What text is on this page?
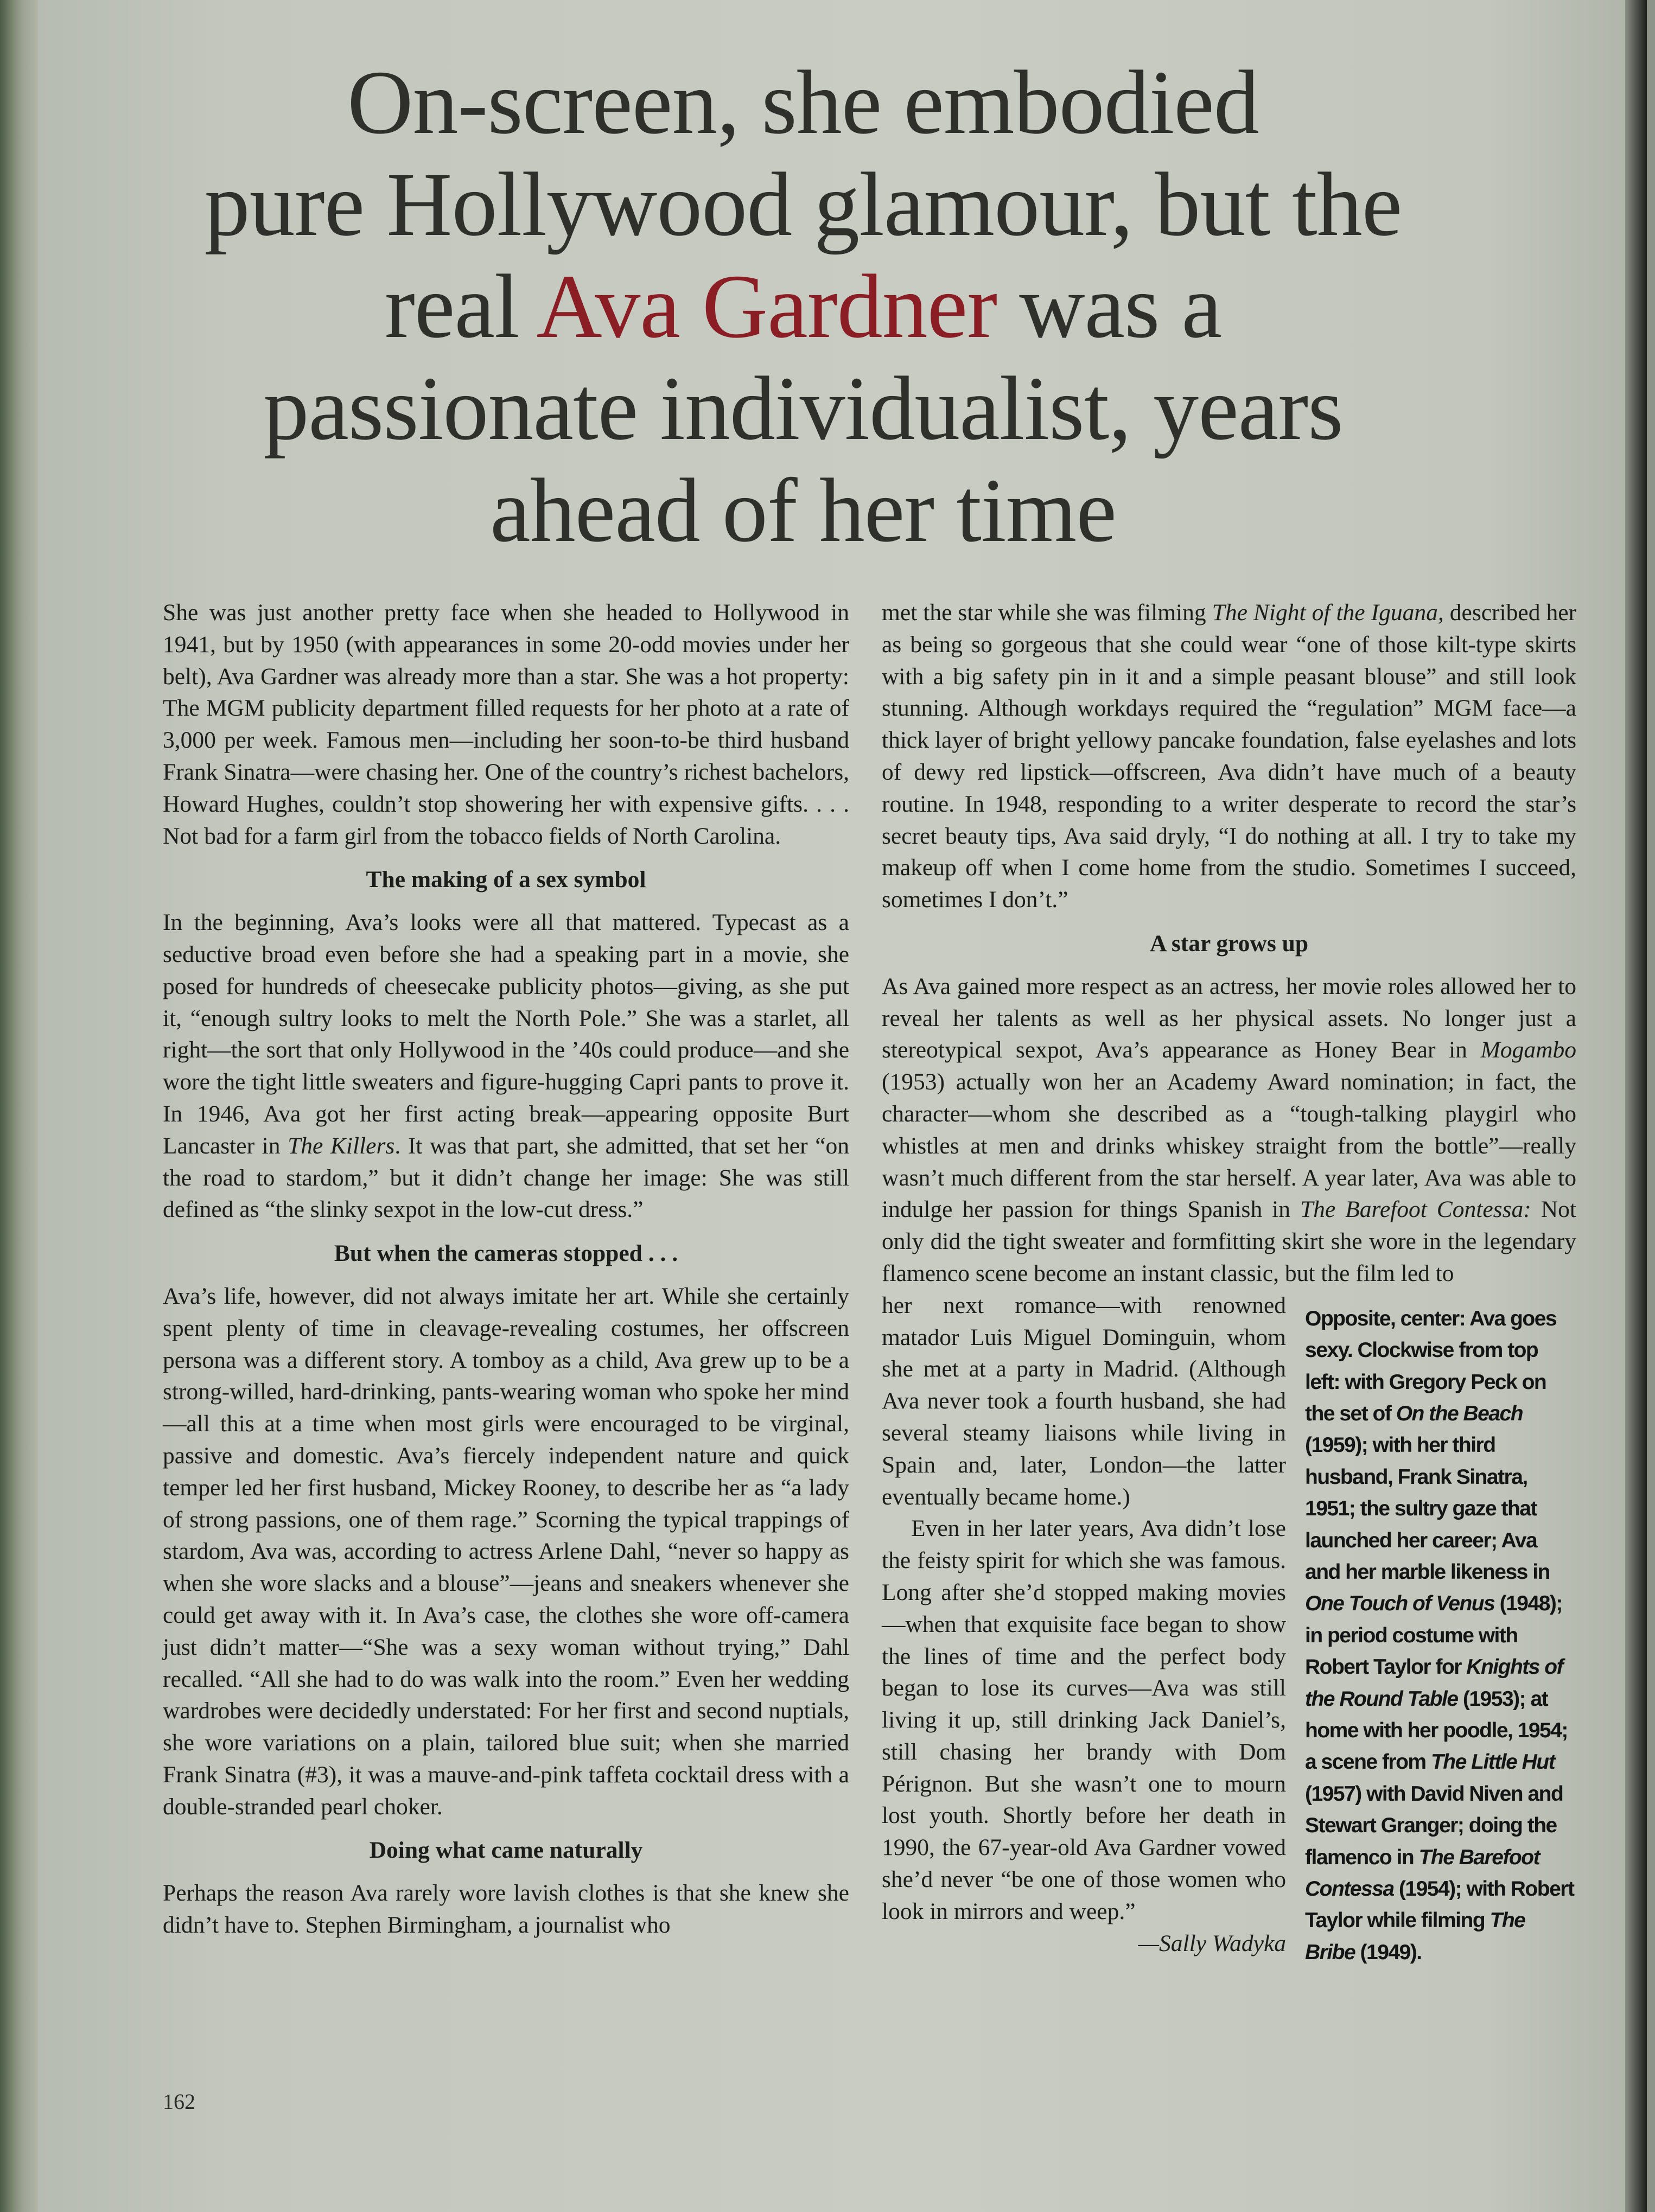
On-screen, she embodied
pure Hollywood glamour, but the
real Ava Gardner was a
passionate individualist, years
ahead of her time

She was just another pretty face when she headed to Hollywood in 1941, but by 1950 (with appearances in some 20-odd movies under her belt), Ava Gardner was already more than a star. She was a hot property: The MGM publicity department filled requests for her photo at a rate of 3,000 per week. Famous men—including her soon-to-be third husband Frank Sinatra—were chasing her. One of the country’s richest bachelors, Howard Hughes, couldn’t stop showering her with expensive gifts. . . . Not bad for a farm girl from the tobacco fields of North Carolina.

The making of a sex symbol

In the beginning, Ava’s looks were all that mattered. Typecast as a seductive broad even before she had a speaking part in a movie, she posed for hundreds of cheesecake publicity photos—giving, as she put it, “enough sultry looks to melt the North Pole.” She was a starlet, all right—the sort that only Hollywood in the ’40s could produce—and she wore the tight little sweaters and figure-hugging Capri pants to prove it. In 1946, Ava got her first acting break—appearing opposite Burt Lancaster in The Killers. It was that part, she admitted, that set her “on the road to stardom,” but it didn’t change her image: She was still defined as “the slinky sexpot in the low-cut dress.”

But when the cameras stopped . . .

Ava’s life, however, did not always imitate her art. While she certainly spent plenty of time in cleavage-revealing costumes, her offscreen persona was a different story. A tomboy as a child, Ava grew up to be a strong-willed, hard-drinking, pants-wearing woman who spoke her mind—all this at a time when most girls were encouraged to be virginal, passive and domestic. Ava’s fiercely independent nature and quick temper led her first husband, Mickey Rooney, to describe her as “a lady of strong passions, one of them rage.” Scorning the typical trappings of stardom, Ava was, according to actress Arlene Dahl, “never so happy as when she wore slacks and a blouse”—jeans and sneakers whenever she could get away with it. In Ava’s case, the clothes she wore off-camera just didn’t matter—“She was a sexy woman without trying,” Dahl recalled. “All she had to do was walk into the room.” Even her wedding wardrobes were decidedly understated: For her first and second nuptials, she wore variations on a plain, tailored blue suit; when she married Frank Sinatra (#3), it was a mauve-and-pink taffeta cocktail dress with a double-stranded pearl choker.

Doing what came naturally

Perhaps the reason Ava rarely wore lavish clothes is that she knew she didn’t have to. Stephen Birmingham, a journalist who

met the star while she was filming The Night of the Iguana, described her as being so gorgeous that she could wear “one of those kilt-type skirts with a big safety pin in it and a simple peasant blouse” and still look stunning. Although workdays required the “regulation” MGM face—a thick layer of bright yellowy pancake foundation, false eyelashes and lots of dewy red lipstick—offscreen, Ava didn’t have much of a beauty routine. In 1948, responding to a writer desperate to record the star’s secret beauty tips, Ava said dryly, “I do nothing at all. I try to take my makeup off when I come home from the studio. Sometimes I succeed, sometimes I don’t.”

A star grows up

As Ava gained more respect as an actress, her movie roles allowed her to reveal her talents as well as her physical assets. No longer just a stereotypical sexpot, Ava’s appearance as Honey Bear in Mogambo (1953) actually won her an Academy Award nomination; in fact, the character—whom she described as a “tough-talking playgirl who whistles at men and drinks whiskey straight from the bottle”—really wasn’t much different from the star herself. A year later, Ava was able to indulge her passion for things Spanish in The Barefoot Contessa: Not only did the tight sweater and formfitting skirt she wore in the legendary flamenco scene become an instant classic, but the film led to

Opposite, center: Ava goes sexy. Clockwise from top left: with Gregory Peck on the set of On the Beach (1959); with her third husband, Frank Sinatra, 1951; the sultry gaze that launched her career; Ava and her marble likeness in One Touch of Venus (1948); in period costume with Robert Taylor for Knights of the Round Table (1953); at home with her poodle, 1954; a scene from The Little Hut (1957) with David Niven and Stewart Granger; doing the flamenco in The Barefoot Contessa (1954); with Robert Taylor while filming The Bribe (1949).

her next romance—with renowned matador Luis Miguel Dominguin, whom she met at a party in Madrid. (Although Ava never took a fourth husband, she had several steamy liaisons while living in Spain and, later, London—the latter eventually became home.)

Even in her later years, Ava didn’t lose the feisty spirit for which she was famous. Long after she’d stopped making movies—when that exquisite face began to show the lines of time and the perfect body began to lose its curves—Ava was still living it up, still drinking Jack Daniel’s, still chasing her brandy with Dom Pérignon. But she wasn’t one to mourn lost youth. Shortly before her death in 1990, the 67-year-old Ava Gardner vowed she’d never “be one of those women who look in mirrors and weep.”
—Sally Wadyka

162
